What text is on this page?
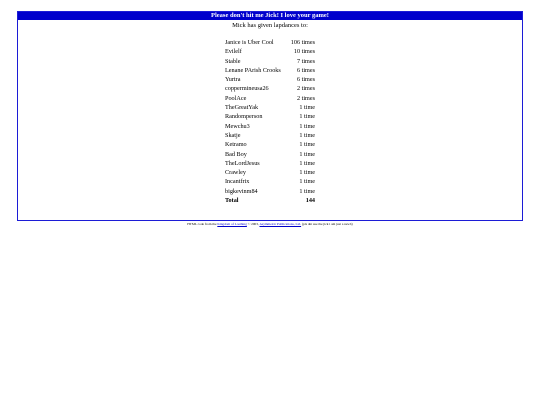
Please don't hit me Jick! I love your game!
Mick has given lapdances to:
Janice is Uber Cool	106 times
Evilelf	10 times
Stable	7 times
Lenane PArish Crooks	6 times
Yurtra	6 times
coppermineusa26	2 times
PoolAce	2 times
TheGreatYak	1 time
Randomperson	1 time
Mewchu3	1 time
Skatje	1 time
Ketramo	1 time
Bad Boy	1 time
TheLordJesus	1 time
Crawley	1 time
Incantfrix	1 time
bigkevinm84	1 time
Total	144
HTML code from the Kingdom of Loathing © 2003, Asymmetric Publications, Ltd. (pls dnt sue the jick i am just a newb)
